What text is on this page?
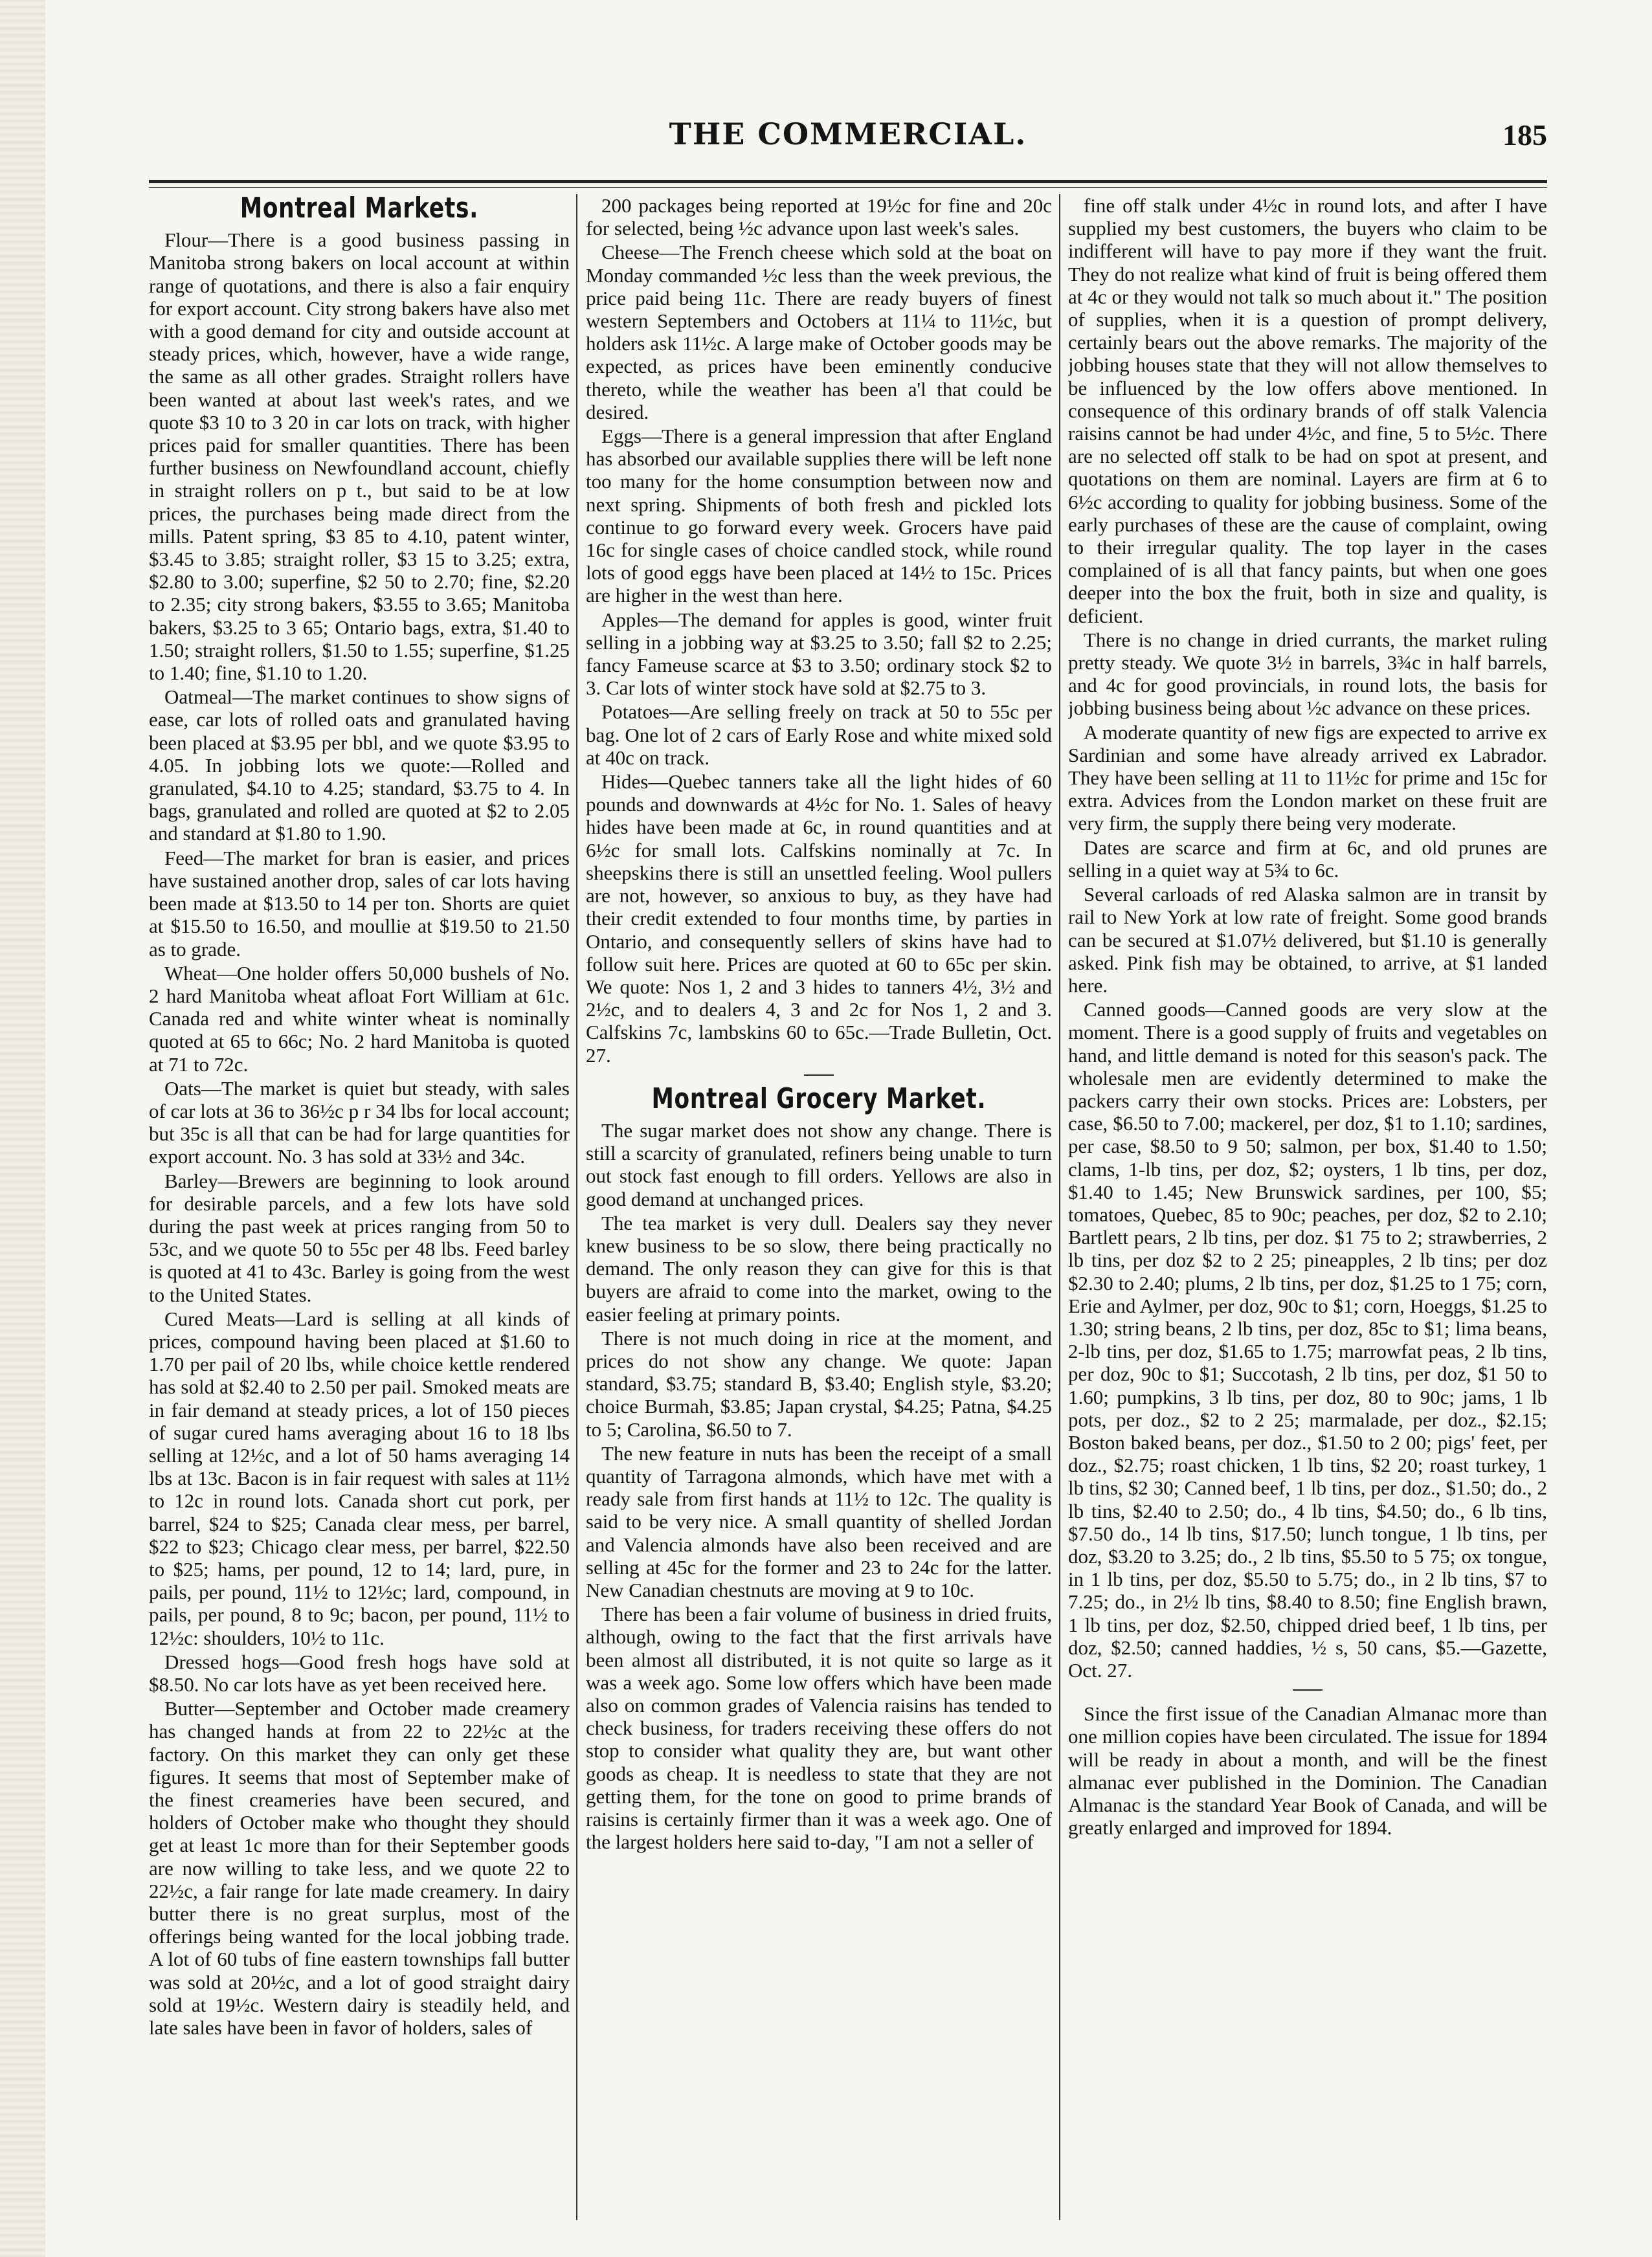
THE COMMERCIAL.	185
Montreal Markets.

Flour—There is a good business passing in Manitoba strong bakers on local account at within range of quotations, and there is also a fair enquiry for export account. City strong bakers have also met with a good demand for city and outside account at steady prices, which, however, have a wide range, the same as all other grades. Straight rollers have been wanted at about last week's rates, and we quote $3 10 to 3 20 in car lots on track, with higher prices paid for smaller quantities. There has been further business on Newfoundland account, chiefly in straight rollers on p t., but said to be at low prices, the purchases being made direct from the mills. Patent spring, $3 85 to 4.10, patent winter, $3.45 to 3.85; straight roller, $3 15 to 3.25; extra, $2.80 to 3.00; superfine, $2 50 to 2.70; fine, $2.20 to 2.35; city strong bakers, $3.55 to 3.65; Manitoba bakers, $3.25 to 3 65; Ontario bags, extra, $1.40 to 1.50; straight rollers, $1.50 to 1.55; superfine, $1.25 to 1.40; fine, $1.10 to 1.20.

Oatmeal—The market continues to show signs of ease, car lots of rolled oats and granulated having been placed at $3.95 per bbl, and we quote $3.95 to 4.05. In jobbing lots we quote:—Rolled and granulated, $4.10 to 4.25; standard, $3.75 to 4. In bags, granulated and rolled are quoted at $2 to 2.05 and standard at $1.80 to 1.90.

Feed—The market for bran is easier, and prices have sustained another drop, sales of car lots having been made at $13.50 to 14 per ton. Shorts are quiet at $15.50 to 16.50, and moullie at $19.50 to 21.50 as to grade.

Wheat—One holder offers 50,000 bushels of No. 2 hard Manitoba wheat afloat Fort William at 61c. Canada red and white winter wheat is nominally quoted at 65 to 66c; No. 2 hard Manitoba is quoted at 71 to 72c.

Oats—The market is quiet but steady, with sales of car lots at 36 to 36½c p r 34 lbs for local account; but 35c is all that can be had for large quantities for export account. No. 3 has sold at 33½ and 34c.

Barley—Brewers are beginning to look around for desirable parcels, and a few lots have sold during the past week at prices ranging from 50 to 53c, and we quote 50 to 55c per 48 lbs. Feed barley is quoted at 41 to 43c. Barley is going from the west to the United States.

Cured Meats—Lard is selling at all kinds of prices, compound having been placed at $1.60 to 1.70 per pail of 20 lbs, while choice kettle rendered has sold at $2.40 to 2.50 per pail. Smoked meats are in fair demand at steady prices, a lot of 150 pieces of sugar cured hams averaging about 16 to 18 lbs selling at 12½c, and a lot of 50 hams averaging 14 lbs at 13c. Bacon is in fair request with sales at 11½ to 12c in round lots. Canada short cut pork, per barrel, $24 to $25; Canada clear mess, per barrel, $22 to $23; Chicago clear mess, per barrel, $22.50 to $25; hams, per pound, 12 to 14; lard, pure, in pails, per pound, 11½ to 12½c; lard, compound, in pails, per pound, 8 to 9c; bacon, per pound, 11½ to 12½c: shoulders, 10½ to 11c.

Dressed hogs—Good fresh hogs have sold at $8.50. No car lots have as yet been received here.

Butter—September and October made creamery has changed hands at from 22 to 22½c at the factory. On this market they can only get these figures. It seems that most of September make of the finest creameries have been secured, and holders of October make who thought they should get at least 1c more than for their September goods are now willing to take less, and we quote 22 to 22½c, a fair range for late made creamery. In dairy butter there is no great surplus, most of the offerings being wanted for the local jobbing trade. A lot of 60 tubs of fine eastern townships fall butter was sold at 20½c, and a lot of good straight dairy sold at 19½c. Western dairy is steadily held, and late sales have been in favor of holders, sales of

200 packages being reported at 19½c for fine and 20c for selected, being ½c advance upon last week's sales.

Cheese—The French cheese which sold at the boat on Monday commanded ½c less than the week previous, the price paid being 11c. There are ready buyers of finest western Septembers and Octobers at 11¼ to 11½c, but holders ask 11½c. A large make of October goods may be expected, as prices have been eminently conducive thereto, while the weather has been a'l that could be desired.

Eggs—There is a general impression that after England has absorbed our available supplies there will be left none too many for the home consumption between now and next spring. Shipments of both fresh and pickled lots continue to go forward every week. Grocers have paid 16c for single cases of choice candled stock, while round lots of good eggs have been placed at 14½ to 15c. Prices are higher in the west than here.

Apples—The demand for apples is good, winter fruit selling in a jobbing way at $3.25 to 3.50; fall $2 to 2.25; fancy Fameuse scarce at $3 to 3.50; ordinary stock $2 to 3. Car lots of winter stock have sold at $2.75 to 3.

Potatoes—Are selling freely on track at 50 to 55c per bag. One lot of 2 cars of Early Rose and white mixed sold at 40c on track.

Hides—Quebec tanners take all the light hides of 60 pounds and downwards at 4½c for No. 1. Sales of heavy hides have been made at 6c, in round quantities and at 6½c for small lots. Calfskins nominally at 7c. In sheepskins there is still an unsettled feeling. Wool pullers are not, however, so anxious to buy, as they have had their credit extended to four months time, by parties in Ontario, and consequently sellers of skins have had to follow suit here. Prices are quoted at 60 to 65c per skin. We quote: Nos 1, 2 and 3 hides to tanners 4½, 3½ and 2½c, and to dealers 4, 3 and 2c for Nos 1, 2 and 3. Calfskins 7c, lambskins 60 to 65c.—Trade Bulletin, Oct. 27.

Montreal Grocery Market.

The sugar market does not show any change. There is still a scarcity of granulated, refiners being unable to turn out stock fast enough to fill orders. Yellows are also in good demand at unchanged prices.

The tea market is very dull. Dealers say they never knew business to be so slow, there being practically no demand. The only reason they can give for this is that buyers are afraid to come into the market, owing to the easier feeling at primary points.

There is not much doing in rice at the moment, and prices do not show any change. We quote: Japan standard, $3.75; standard B, $3.40; English style, $3.20; choice Burmah, $3.85; Japan crystal, $4.25; Patna, $4.25 to 5; Carolina, $6.50 to 7.

The new feature in nuts has been the receipt of a small quantity of Tarragona almonds, which have met with a ready sale from first hands at 11½ to 12c. The quality is said to be very nice. A small quantity of shelled Jordan and Valencia almonds have also been received and are selling at 45c for the former and 23 to 24c for the latter. New Canadian chestnuts are moving at 9 to 10c.

There has been a fair volume of business in dried fruits, although, owing to the fact that the first arrivals have been almost all distributed, it is not quite so large as it was a week ago. Some low offers which have been made also on common grades of Valencia raisins has tended to check business, for traders receiving these offers do not stop to consider what quality they are, but want other goods as cheap. It is needless to state that they are not getting them, for the tone on good to prime brands of raisins is certainly firmer than it was a week ago. One of the largest holders here said to-day, "I am not a seller of

fine off stalk under 4½c in round lots, and after I have supplied my best customers, the buyers who claim to be indifferent will have to pay more if they want the fruit. They do not realize what kind of fruit is being offered them at 4c or they would not talk so much about it." The position of supplies, when it is a question of prompt delivery, certainly bears out the above remarks. The majority of the jobbing houses state that they will not allow themselves to be influenced by the low offers above mentioned. In consequence of this ordinary brands of off stalk Valencia raisins cannot be had under 4½c, and fine, 5 to 5½c. There are no selected off stalk to be had on spot at present, and quotations on them are nominal. Layers are firm at 6 to 6½c according to quality for jobbing business. Some of the early purchases of these are the cause of complaint, owing to their irregular quality. The top layer in the cases complained of is all that fancy paints, but when one goes deeper into the box the fruit, both in size and quality, is deficient.

There is no change in dried currants, the market ruling pretty steady. We quote 3½ in barrels, 3¾c in half barrels, and 4c for good provincials, in round lots, the basis for jobbing business being about ½c advance on these prices.

A moderate quantity of new figs are expected to arrive ex Sardinian and some have already arrived ex Labrador. They have been selling at 11 to 11½c for prime and 15c for extra. Advices from the London market on these fruit are very firm, the supply there being very moderate.

Dates are scarce and firm at 6c, and old prunes are selling in a quiet way at 5¾ to 6c.

Several carloads of red Alaska salmon are in transit by rail to New York at low rate of freight. Some good brands can be secured at $1.07½ delivered, but $1.10 is generally asked. Pink fish may be obtained, to arrive, at $1 landed here.

Canned goods—Canned goods are very slow at the moment. There is a good supply of fruits and vegetables on hand, and little demand is noted for this season's pack. The wholesale men are evidently determined to make the packers carry their own stocks. Prices are: Lobsters, per case, $6.50 to 7.00; mackerel, per doz, $1 to 1.10; sardines, per case, $8.50 to 9 50; salmon, per box, $1.40 to 1.50; clams, 1-lb tins, per doz, $2; oysters, 1 lb tins, per doz, $1.40 to 1.45; New Brunswick sardines, per 100, $5; tomatoes, Quebec, 85 to 90c; peaches, per doz, $2 to 2.10; Bartlett pears, 2 lb tins, per doz. $1 75 to 2; strawberries, 2 lb tins, per doz $2 to 2 25; pineapples, 2 lb tins; per doz $2.30 to 2.40; plums, 2 lb tins, per doz, $1.25 to 1 75; corn, Erie and Aylmer, per doz, 90c to $1; corn, Hoeggs, $1.25 to 1.30; string beans, 2 lb tins, per doz, 85c to $1; lima beans, 2-lb tins, per doz, $1.65 to 1.75; marrowfat peas, 2 lb tins, per doz, 90c to $1; Succotash, 2 lb tins, per doz, $1 50 to 1.60; pumpkins, 3 lb tins, per doz, 80 to 90c; jams, 1 lb pots, per doz., $2 to 2 25; marmalade, per doz., $2.15; Boston baked beans, per doz., $1.50 to 2 00; pigs' feet, per doz., $2.75; roast chicken, 1 lb tins, $2 20; roast turkey, 1 lb tins, $2 30; Canned beef, 1 lb tins, per doz., $1.50; do., 2 lb tins, $2.40 to 2.50; do., 4 lb tins, $4.50; do., 6 lb tins, $7.50 do., 14 lb tins, $17.50; lunch tongue, 1 lb tins, per doz, $3.20 to 3.25; do., 2 lb tins, $5.50 to 5 75; ox tongue, in 1 lb tins, per doz, $5.50 to 5.75; do., in 2 lb tins, $7 to 7.25; do., in 2½ lb tins, $8.40 to 8.50; fine English brawn, 1 lb tins, per doz, $2.50, chipped dried beef, 1 lb tins, per doz, $2.50; canned haddies, ½ s, 50 cans, $5.—Gazette, Oct. 27.

Since the first issue of the Canadian Almanac more than one million copies have been circulated. The issue for 1894 will be ready in about a month, and will be the finest almanac ever published in the Dominion. The Canadian Almanac is the standard Year Book of Canada, and will be greatly enlarged and improved for 1894.
